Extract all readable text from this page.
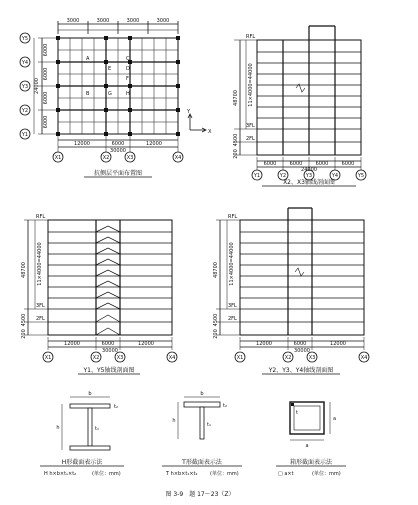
3000	3000	3000	3000
6000
6000
6000
6000
24000
12000	6000	12000
30000
Y5
Y4
Y3
Y2
Y1
X1	X2	X3	X4
A
B
C
D
E
F
G	H
X
Y
抗侧层平面布置图
RFL
3FL
2FL
48700 11×4000=44000
4500
200
6000	6000	6000	6000
24000
Y1	Y2	Y3	Y4	Y5
X2、X3轴线剖面图
RFL
3FL
2FL
48700 11×4000=44000
4500
200
12000	6000	12000
30000
X1	X2	X3	X4
Y1、Y5轴线剖面图
RFL
3FL
2FL
48700 11×4000=44000
4500
200
12000	6000	12000
30000
X1	X2	X3	X4
Y2、Y3、Y4轴线剖面图
b
h
t₂
t₁
H形截面表示法
H h×b×t₁×t₂	(单位：mm)
b
h
t₂
t₁
T形截面表示法
T h×b×t₁×t₂	(单位：mm)
a
a
t
箱形截面表示法
□ a×t	(单位：mm)
图 3-9　题 17～23（Z）
